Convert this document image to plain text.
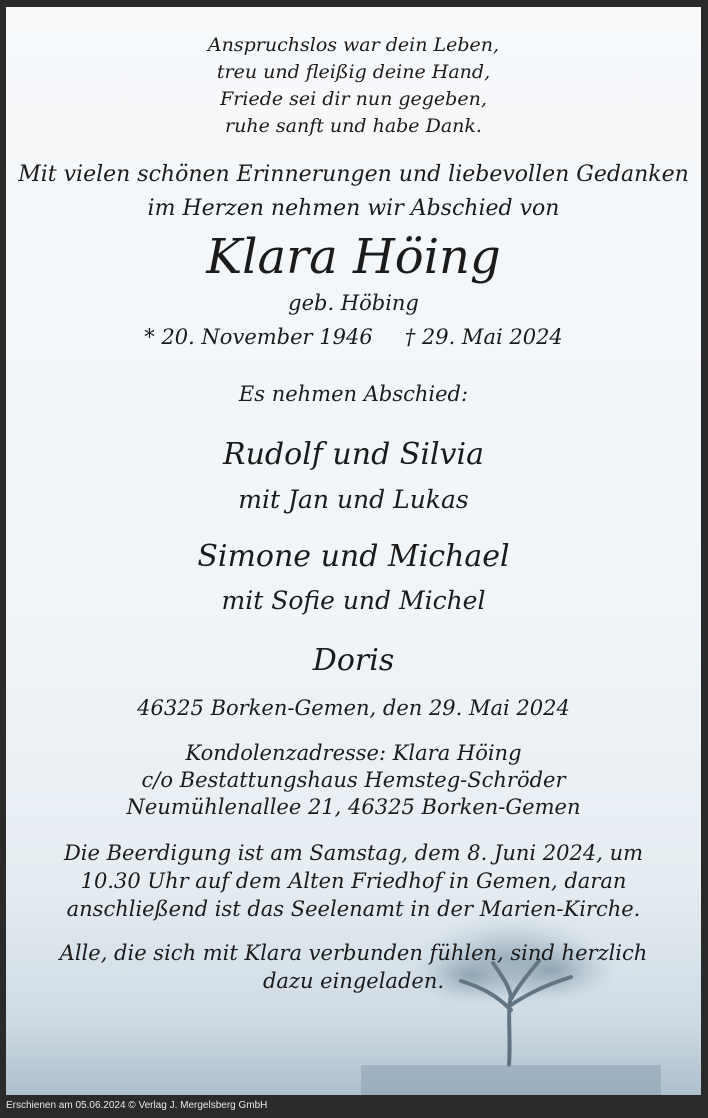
Anspruchslos war dein Leben,
treu und fleißig deine Hand,
Friede sei dir nun gegeben,
ruhe sanft und habe Dank.
Mit vielen schönen Erinnerungen und liebevollen Gedanken
im Herzen nehmen wir Abschied von
Klara Höing
geb. Höbing
* 20. November 1946 † 29. Mai 2024
Es nehmen Abschied:
Rudolf und Silvia
mit Jan und Lukas
Simone und Michael
mit Sofie und Michel
Doris
46325 Borken-Gemen, den 29. Mai 2024
Kondolenzadresse: Klara Höing
c/o Bestattungshaus Hemsteg-Schröder
Neumühlenallee 21, 46325 Borken-Gemen
Die Beerdigung ist am Samstag, dem 8. Juni 2024, um
10.30 Uhr auf dem Alten Friedhof in Gemen, daran
anschließend ist das Seelenamt in der Marien-Kirche.
Alle, die sich mit Klara verbunden fühlen, sind herzlich
dazu eingeladen.
Erschienen am 05.06.2024 © Verlag J. Mergelsberg GmbH
